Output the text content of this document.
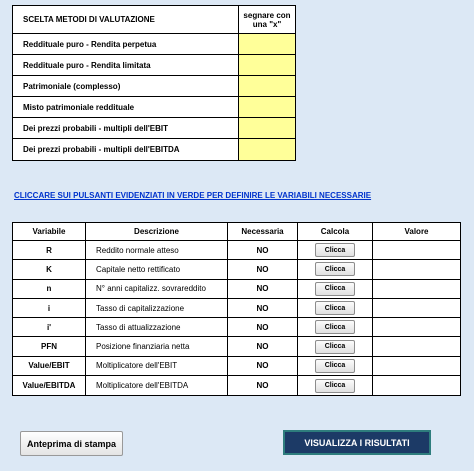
SCELTA METODI DI VALUTAZIONE	segnare con
una "x"
Reddituale puro - Rendita perpetua
Reddituale puro - Rendita limitata
Patrimoniale (complesso)
Misto patrimoniale reddituale
Dei prezzi probabili - multipli dell'EBIT
Dei prezzi probabili - multipli dell'EBITDA
CLICCARE SUI PULSANTI EVIDENZIATI IN VERDE PER DEFINIRE LE VARIABILI NECESSARIE
Variabile	Descrizione	Necessaria	Calcola	Valore
R	Reddito normale atteso	NO	Clicca
K	Capitale netto rettificato	NO	Clicca
n	N° anni capitalizz. sovrareddito	NO	Clicca
i	Tasso di capitalizzazione	NO	Clicca
i'	Tasso di attualizzazione	NO	Clicca
PFN	Posizione finanziaria netta	NO	Clicca
Value/EBIT	Moltiplicatore dell'EBIT	NO	Clicca
Value/EBITDA	Moltiplicatore dell'EBITDA	NO	Clicca
Anteprima di stampa	VISUALIZZA I RISULTATI
